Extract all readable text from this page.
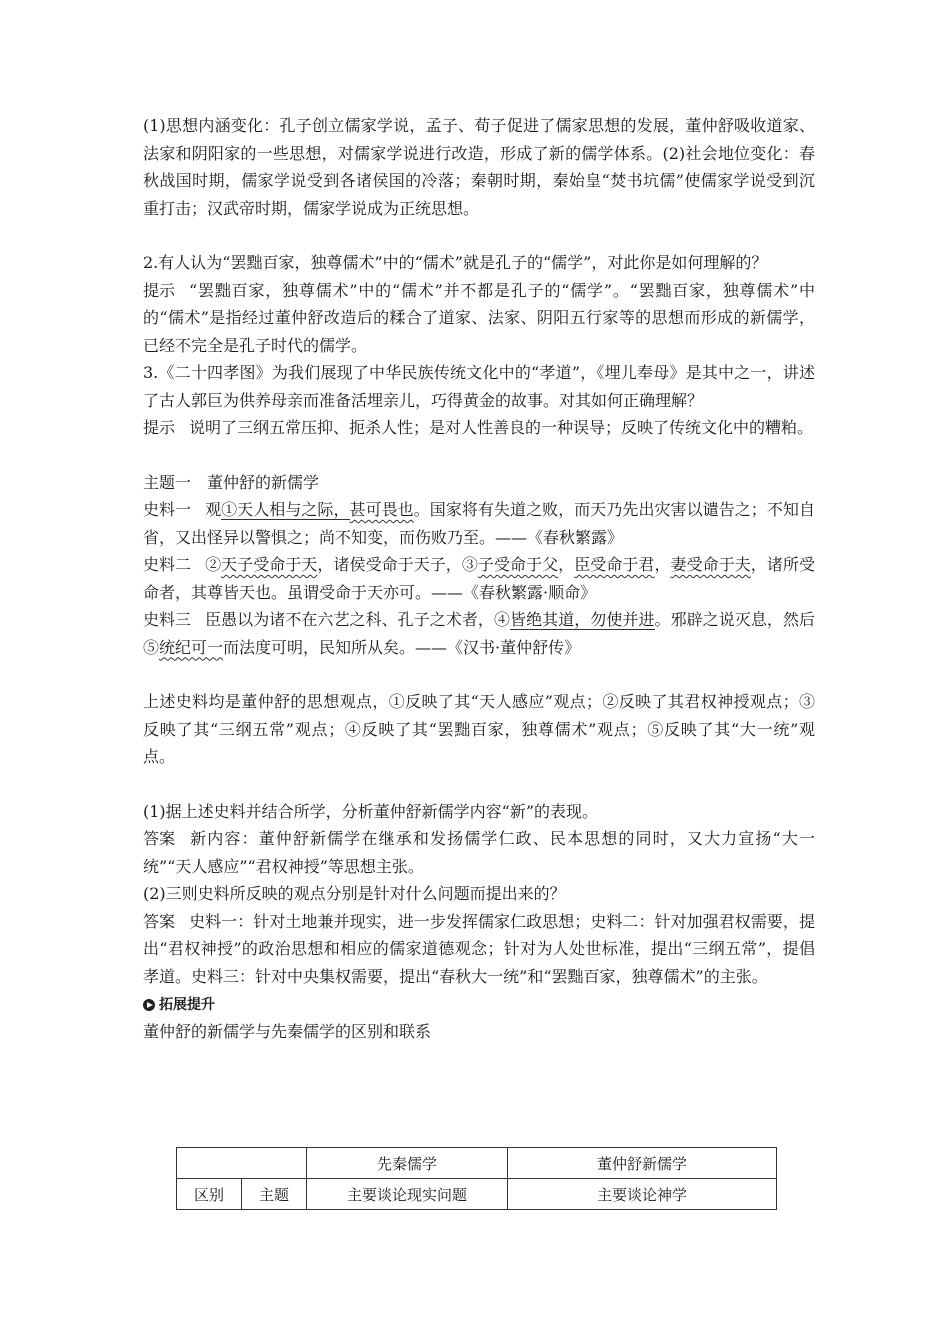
(1)思想内涵变化：孔子创立儒家学说，孟子、荀子促进了儒家思想的发展，董仲舒吸收道家、法家和阴阳家的一些思想，对儒家学说进行改造，形成了新的儒学体系。(2)社会地位变化：春秋战国时期，儒家学说受到各诸侯国的冷落；秦朝时期，秦始皇“焚书坑儒”使儒家学说受到沉重打击；汉武帝时期，儒家学说成为正统思想。

2.有人认为“罢黜百家，独尊儒术”中的“儒术”就是孔子的“儒学”，对此你是如何理解的？

提示 “罢黜百家，独尊儒术”中的“儒术”并不都是孔子的“儒学”。“罢黜百家，独尊儒术”中的“儒术”是指经过董仲舒改造后的糅合了道家、法家、阴阳五行家等的思想而形成的新儒学，已经不完全是孔子时代的儒学。

3.《二十四孝图》为我们展现了中华民族传统文化中的“孝道”，《埋儿奉母》是其中之一，讲述了古人郭巨为供养母亲而准备活埋亲儿，巧得黄金的故事。对其如何正确理解？

提示 说明了三纲五常压抑、扼杀人性；是对人性善良的一种误导；反映了传统文化中的糟粕。

主题一　董仲舒的新儒学

史料一 观①天人相与之际，甚可畏也。国家将有失道之败，而天乃先出灾害以谴告之；不知自省，又出怪异以警惧之；尚不知变，而伤败乃至。——《春秋繁露》

史料二 ②天子受命于天，诸侯受命于天子，③子受命于父，臣受命于君，妻受命于夫，诸所受命者，其尊皆天也。虽谓受命于天亦可。——《春秋繁露·顺命》

史料三 臣愚以为诸不在六艺之科、孔子之术者，④皆绝其道，勿使并进。邪辟之说灭息，然后⑤统纪可一而法度可明，民知所从矣。——《汉书·董仲舒传》

上述史料均是董仲舒的思想观点，①反映了其“天人感应”观点；②反映了其君权神授观点；③反映了其“三纲五常”观点；④反映了其“罢黜百家，独尊儒术”观点；⑤反映了其“大一统”观点。

(1)据上述史料并结合所学，分析董仲舒新儒学内容“新”的表现。

答案 新内容：董仲舒新儒学在继承和发扬儒学仁政、民本思想的同时，又大力宣扬“大一统”“天人感应”“君权神授”等思想主张。

(2)三则史料所反映的观点分别是针对什么问题而提出来的？

答案 史料一：针对土地兼并现实，进一步发挥儒家仁政思想；史料二：针对加强君权需要，提出“君权神授”的政治思想和相应的儒家道德观念；针对为人处世标准，提出“三纲五常”，提倡孝道。史料三：针对中央集权需要，提出“春秋大一统”和“罢黜百家，独尊儒术”的主张。

拓展提升

董仲舒的新儒学与先秦儒学的区别和联系

		先秦儒学	董仲舒新儒学
区别	主题	主要谈论现实问题	主要谈论神学
